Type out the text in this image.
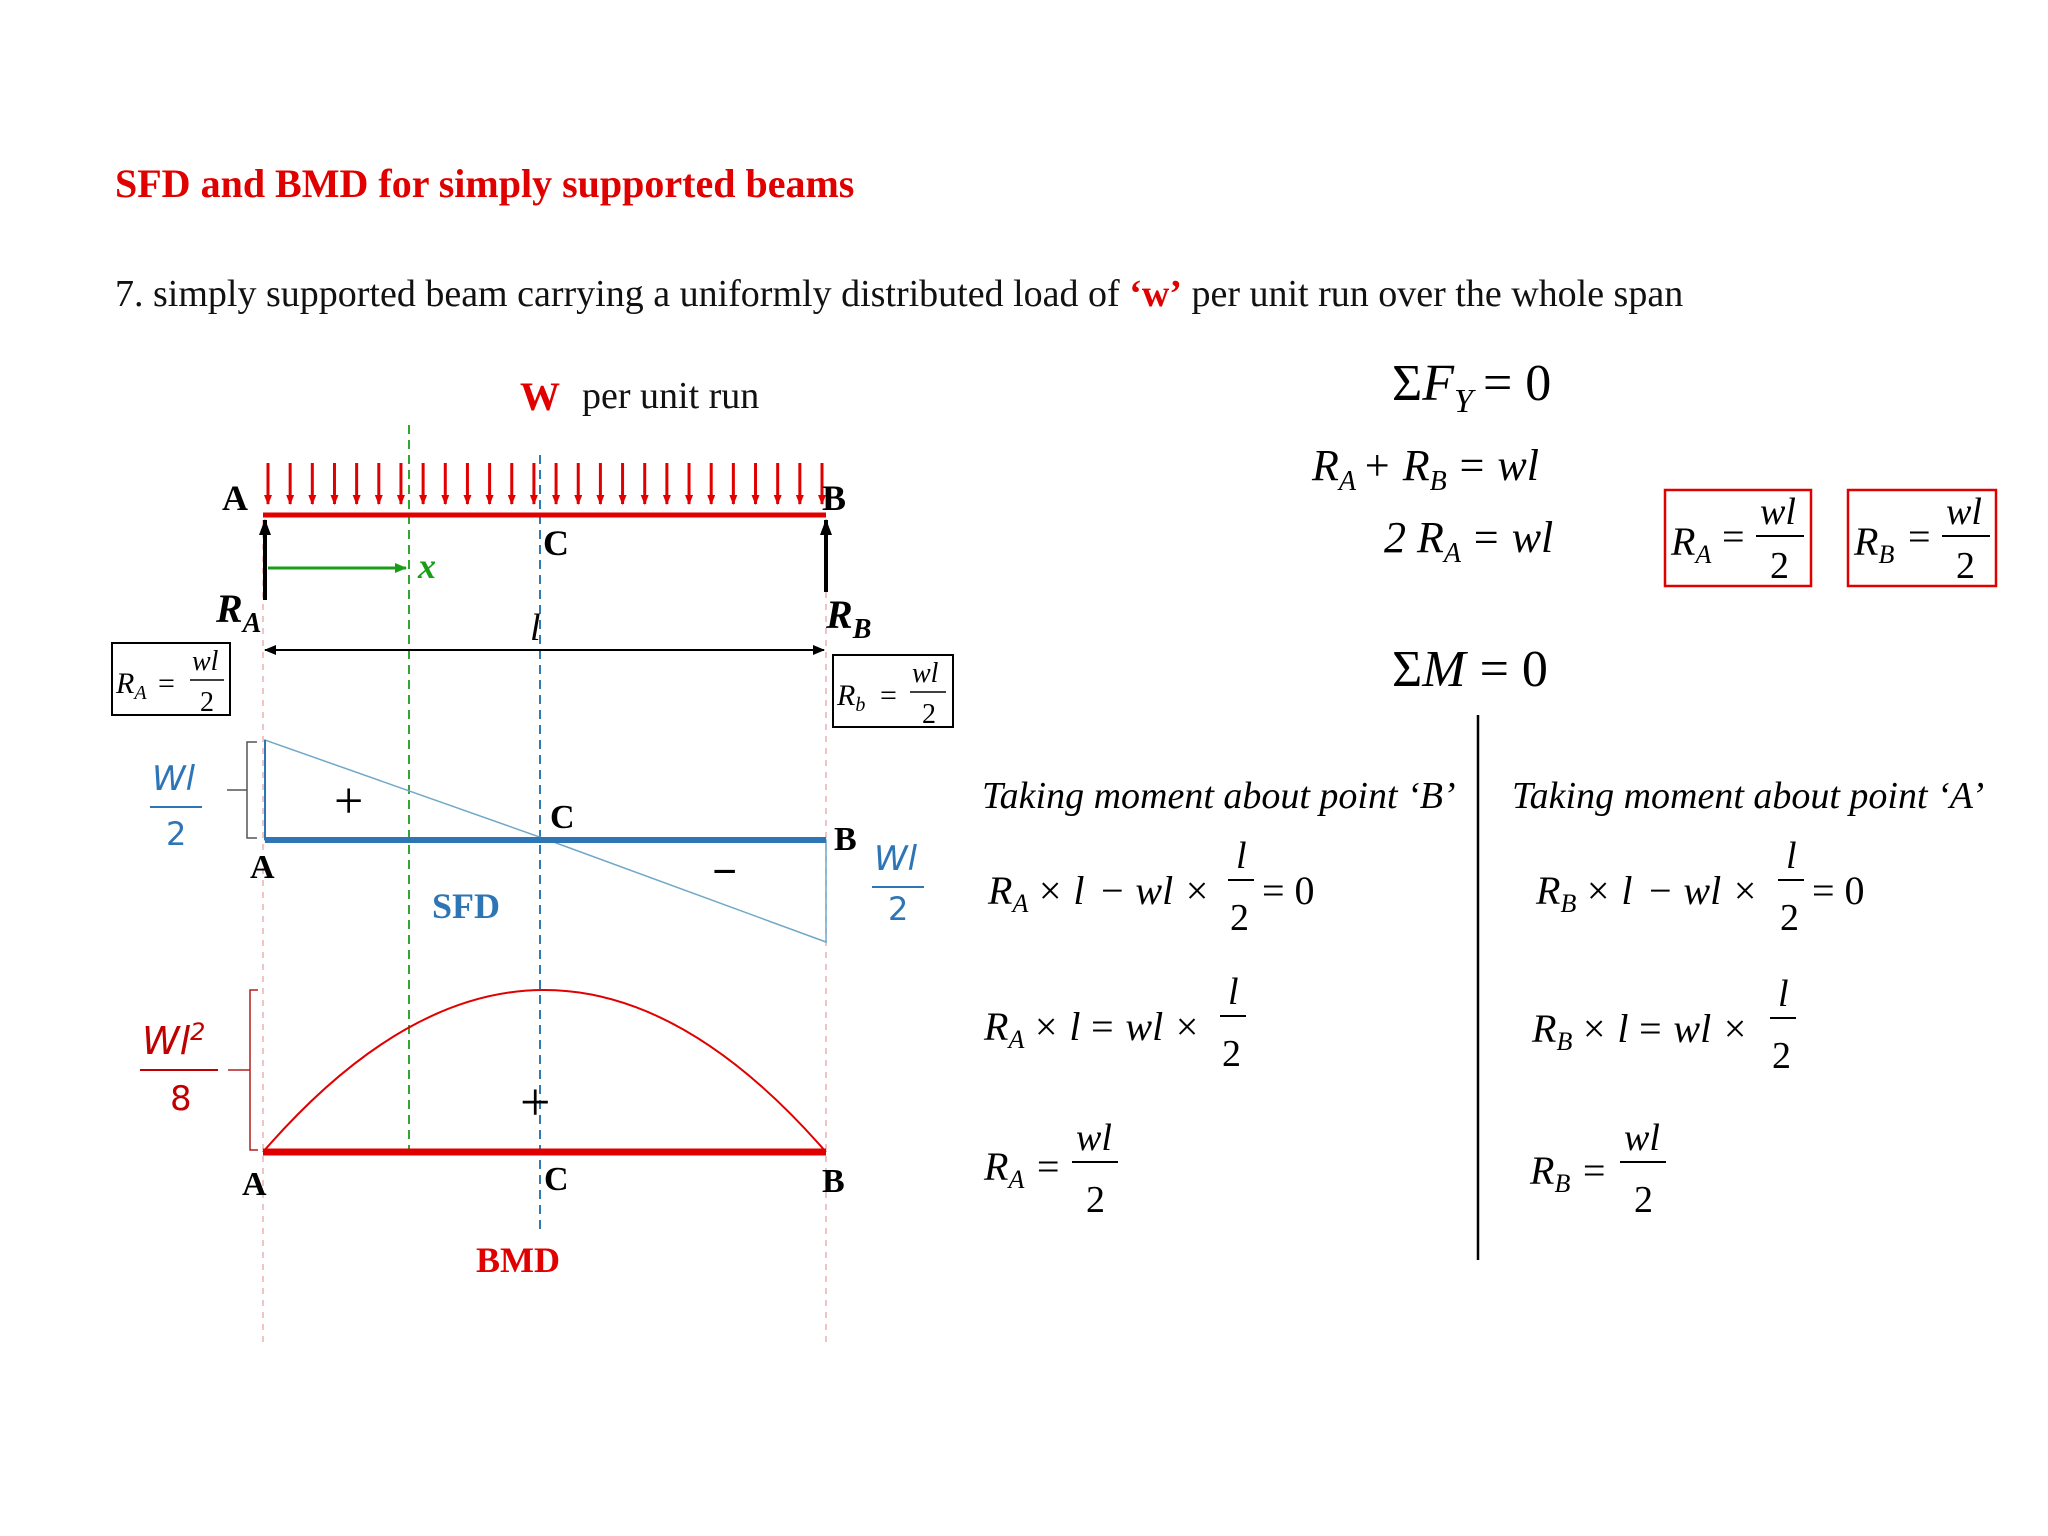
SFD and BMD for simply supported beams
7. simply supported beam carrying a uniformly distributed load of ‘w’ per unit run over the whole span
W per unit run
A	B
C
$R_A$	$R_B$
x
l
$R_A$ =
wl
2	$R_b$ =
wl
2
+
−
A
B
C
SFD
Wl
2
Wl
2
+
A	B
C
BMD
Wl$^2$
8
$\Sigma F_Y = 0$
$R_A + R_B$ = wl
2 $R_A$ = wl	$R_A$ =
wl
2
$R_B$ =
wl
2
ΣM = 0
Taking moment about point ‘B’
$R_A \times l$ − wl ×
l
2
= 0
$R_A \times l$ = wl ×
l
2
$R_A$ =
wl
2
Taking moment about point ‘A’
$R_B \times l$ − wl ×
l
2
= 0
$R_B \times l$ = wl ×
l
2
$R_B$ =
wl
2
